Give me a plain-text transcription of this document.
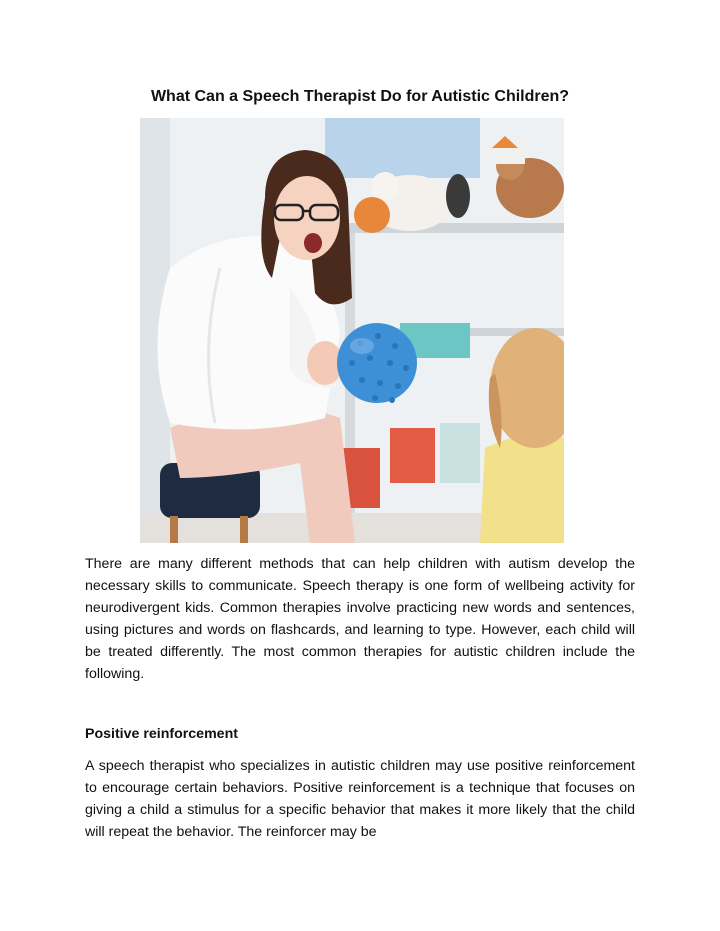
What Can a Speech Therapist Do for Autistic Children?

There are many different methods that can help children with autism develop the necessary skills to communicate. Speech therapy is one form of wellbeing activity for neurodivergent kids. Common therapies involve practicing new words and sentences, using pictures and words on flashcards, and learning to type. However, each child will be treated differently. The most common therapies for autistic children include the following.

Positive reinforcement

A speech therapist who specializes in autistic children may use positive reinforcement to encourage certain behaviors. Positive reinforcement is a technique that focuses on giving a child a stimulus for a specific behavior that makes it more likely that the child will repeat the behavior. The reinforcer may be
